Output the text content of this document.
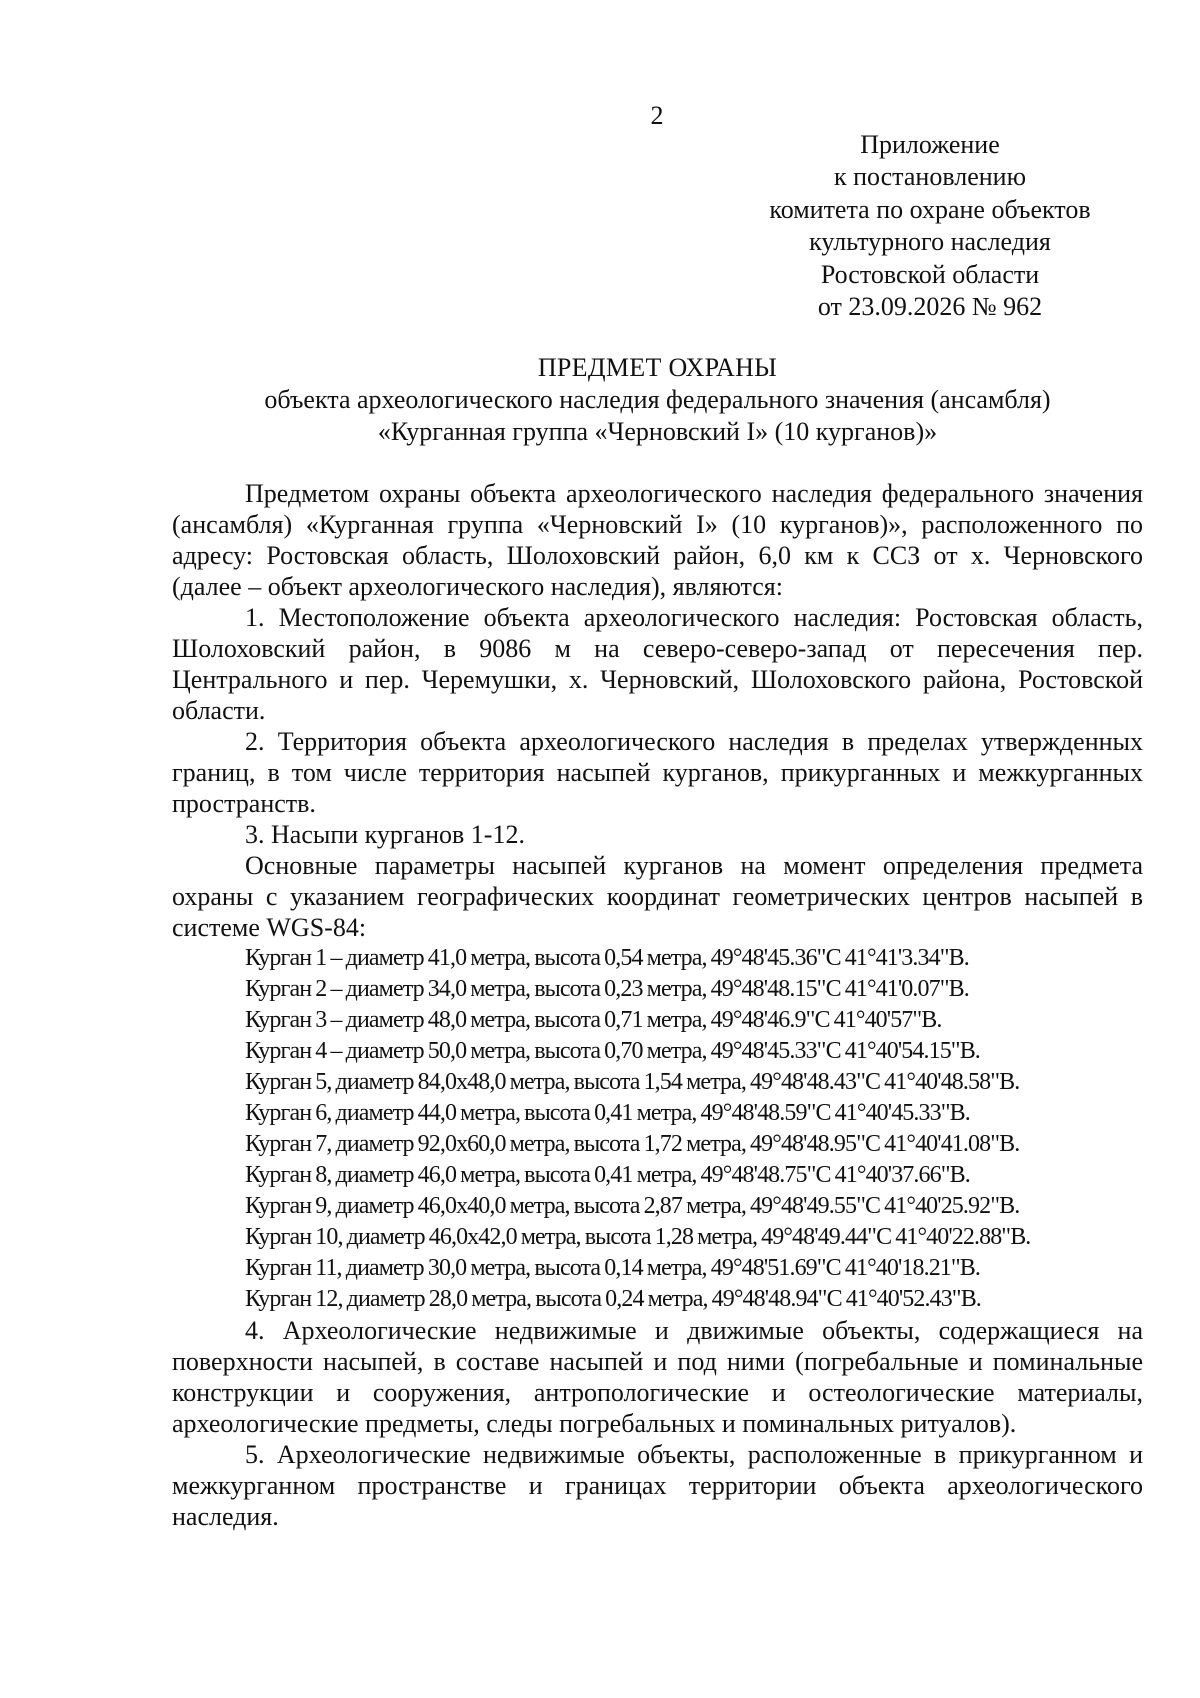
2
Приложение
к постановлению
комитета по охране объектов
культурного наследия
Ростовской области
от 23.09.2026 № 962
ПРЕДМЕТ ОХРАНЫ
объекта археологического наследия федерального значения (ансамбля)
«Курганная группа «Черновский I» (10 курганов)»

Предметом охраны объекта археологического наследия федерального значения (ансамбля) «Курганная группа «Черновский I» (10 курганов)», расположенного по адресу: Ростовская область, Шолоховский район, 6,0 км к ССЗ от х. Черновского (далее – объект археологического наследия), являются:

1. Местоположение объекта археологического наследия: Ростовская область, Шолоховский район, в 9086 м на северо-северо-запад от пересечения пер. Центрального и пер. Черемушки, х. Черновский, Шолоховского района, Ростовской области.

2. Территория объекта археологического наследия в пределах утвержденных границ, в том числе территория насыпей курганов, прикурганных и межкурганных пространств.

3. Насыпи курганов 1-12.

Основные параметры насыпей курганов на момент определения предмета охраны с указанием географических координат геометрических центров насыпей в системе WGS-84:

Курган 1 – диаметр 41,0 метра, высота 0,54 метра, 49°48'45.36"С 41°41'3.34"В.
Курган 2 – диаметр 34,0 метра, высота 0,23 метра, 49°48'48.15"С 41°41'0.07"В.
Курган 3 – диаметр 48,0 метра, высота 0,71 метра, 49°48'46.9"С 41°40'57"В.
Курган 4 – диаметр 50,0 метра, высота 0,70 метра, 49°48'45.33"С 41°40'54.15"В.
Курган 5, диаметр 84,0х48,0 метра, высота 1,54 метра, 49°48'48.43"С 41°40'48.58"В.
Курган 6, диаметр 44,0 метра, высота 0,41 метра, 49°48'48.59"С 41°40'45.33"В.
Курган 7, диаметр 92,0х60,0 метра, высота 1,72 метра, 49°48'48.95"С 41°40'41.08"В.
Курган 8, диаметр 46,0 метра, высота 0,41 метра, 49°48'48.75"С 41°40'37.66"В.
Курган 9, диаметр 46,0х40,0 метра, высота 2,87 метра, 49°48'49.55"С 41°40'25.92"В.
Курган 10, диаметр 46,0х42,0 метра, высота 1,28 метра, 49°48'49.44"С 41°40'22.88"В.
Курган 11, диаметр 30,0 метра, высота 0,14 метра, 49°48'51.69"С 41°40'18.21"В.
Курган 12, диаметр 28,0 метра, высота 0,24 метра, 49°48'48.94"С 41°40'52.43"В.

4. Археологические недвижимые и движимые объекты, содержащиеся на поверхности насыпей, в составе насыпей и под ними (погребальные и поминальные конструкции и сооружения, антропологические и остеологические материалы, археологические предметы, следы погребальных и поминальных ритуалов).

5. Археологические недвижимые объекты, расположенные в прикурганном и межкурганном пространстве и границах территории объекта археологического наследия.
